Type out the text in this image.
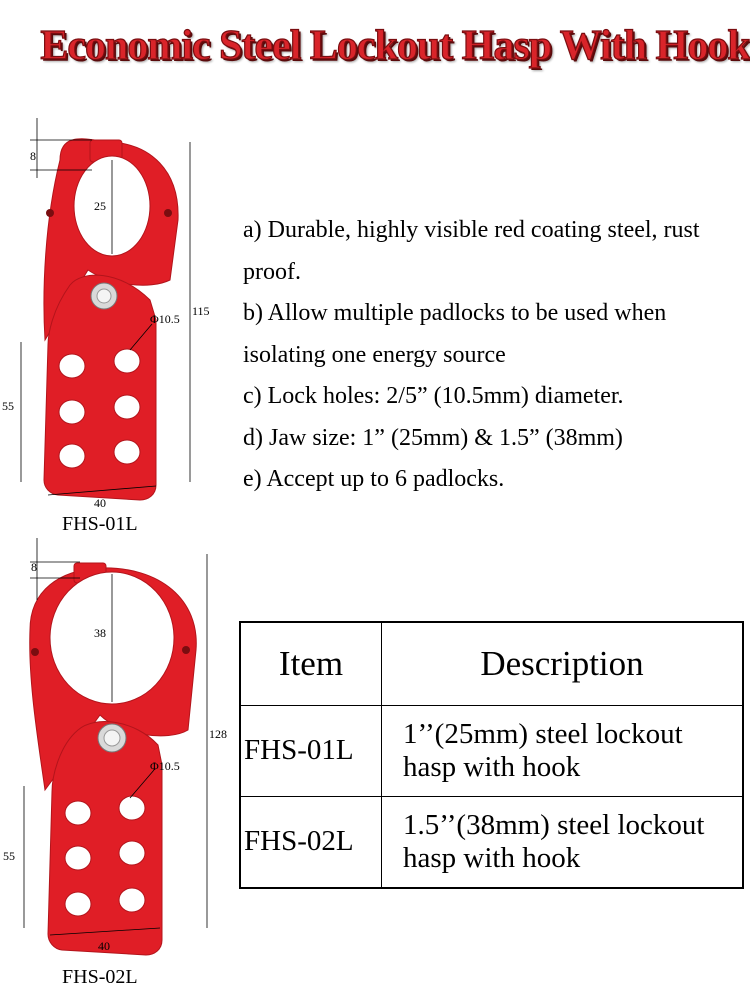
Economic Steel Lockout Hasp With Hook
a) Durable, highly visible red coating steel, rust proof.
b) Allow multiple padlocks to be used when isolating one energy source
c) Lock holes: 2/5” (10.5mm) diameter.
d) Jaw size: 1” (25mm) & 1.5” (38mm)
e) Accept up to 6 padlocks.
8
25
115
Φ10.5
55
40
FHS-01L
8
38
128
Φ10.5
55
40
FHS-02L
Item	Description
FHS-01L	1’’(25mm) steel lockout hasp with hook
FHS-02L	1.5’’(38mm) steel lockout hasp with hook
